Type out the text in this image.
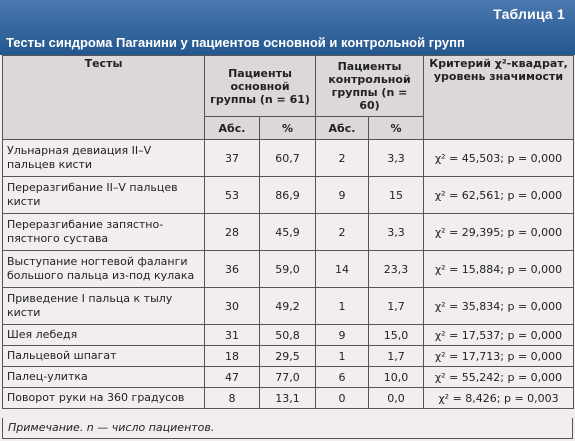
Таблица 1
Тесты синдрома Паганини у пациентов основной и контрольной групп
Тесты	Пациенты основной группы (n = 61)		Пациенты контрольной группы (n = 60)		Критерий χ²-квадрат, уровень значимости
	Абс.	%	Абс.	%	
Ульнарная девиация II–V пальцев кисти	37	60,7	2	3,3	χ² = 45,503; p = 0,000
Переразгибание II–V пальцев кисти	53	86,9	9	15	χ² = 62,561; p = 0,000
Переразгибание запястно-пястного сустава	28	45,9	2	3,3	χ² = 29,395; p = 0,000
Выступание ногтевой фаланги большого пальца из-под кулака	36	59,0	14	23,3	χ² = 15,884; p = 0,000
Приведение I пальца к тылу кисти	30	49,2	1	1,7	χ² = 35,834; p = 0,000
Шея лебедя	31	50,8	9	15,0	χ² = 17,537; p = 0,000
Пальцевой шпагат	18	29,5	1	1,7	χ² = 17,713; p = 0,000
Палец-улитка	47	77,0	6	10,0	χ² = 55,242; p = 0,000
Поворот руки на 360 градусов	8	13,1	0	0,0	χ² = 8,426; p = 0,003
Примечание. n — число пациентов.
